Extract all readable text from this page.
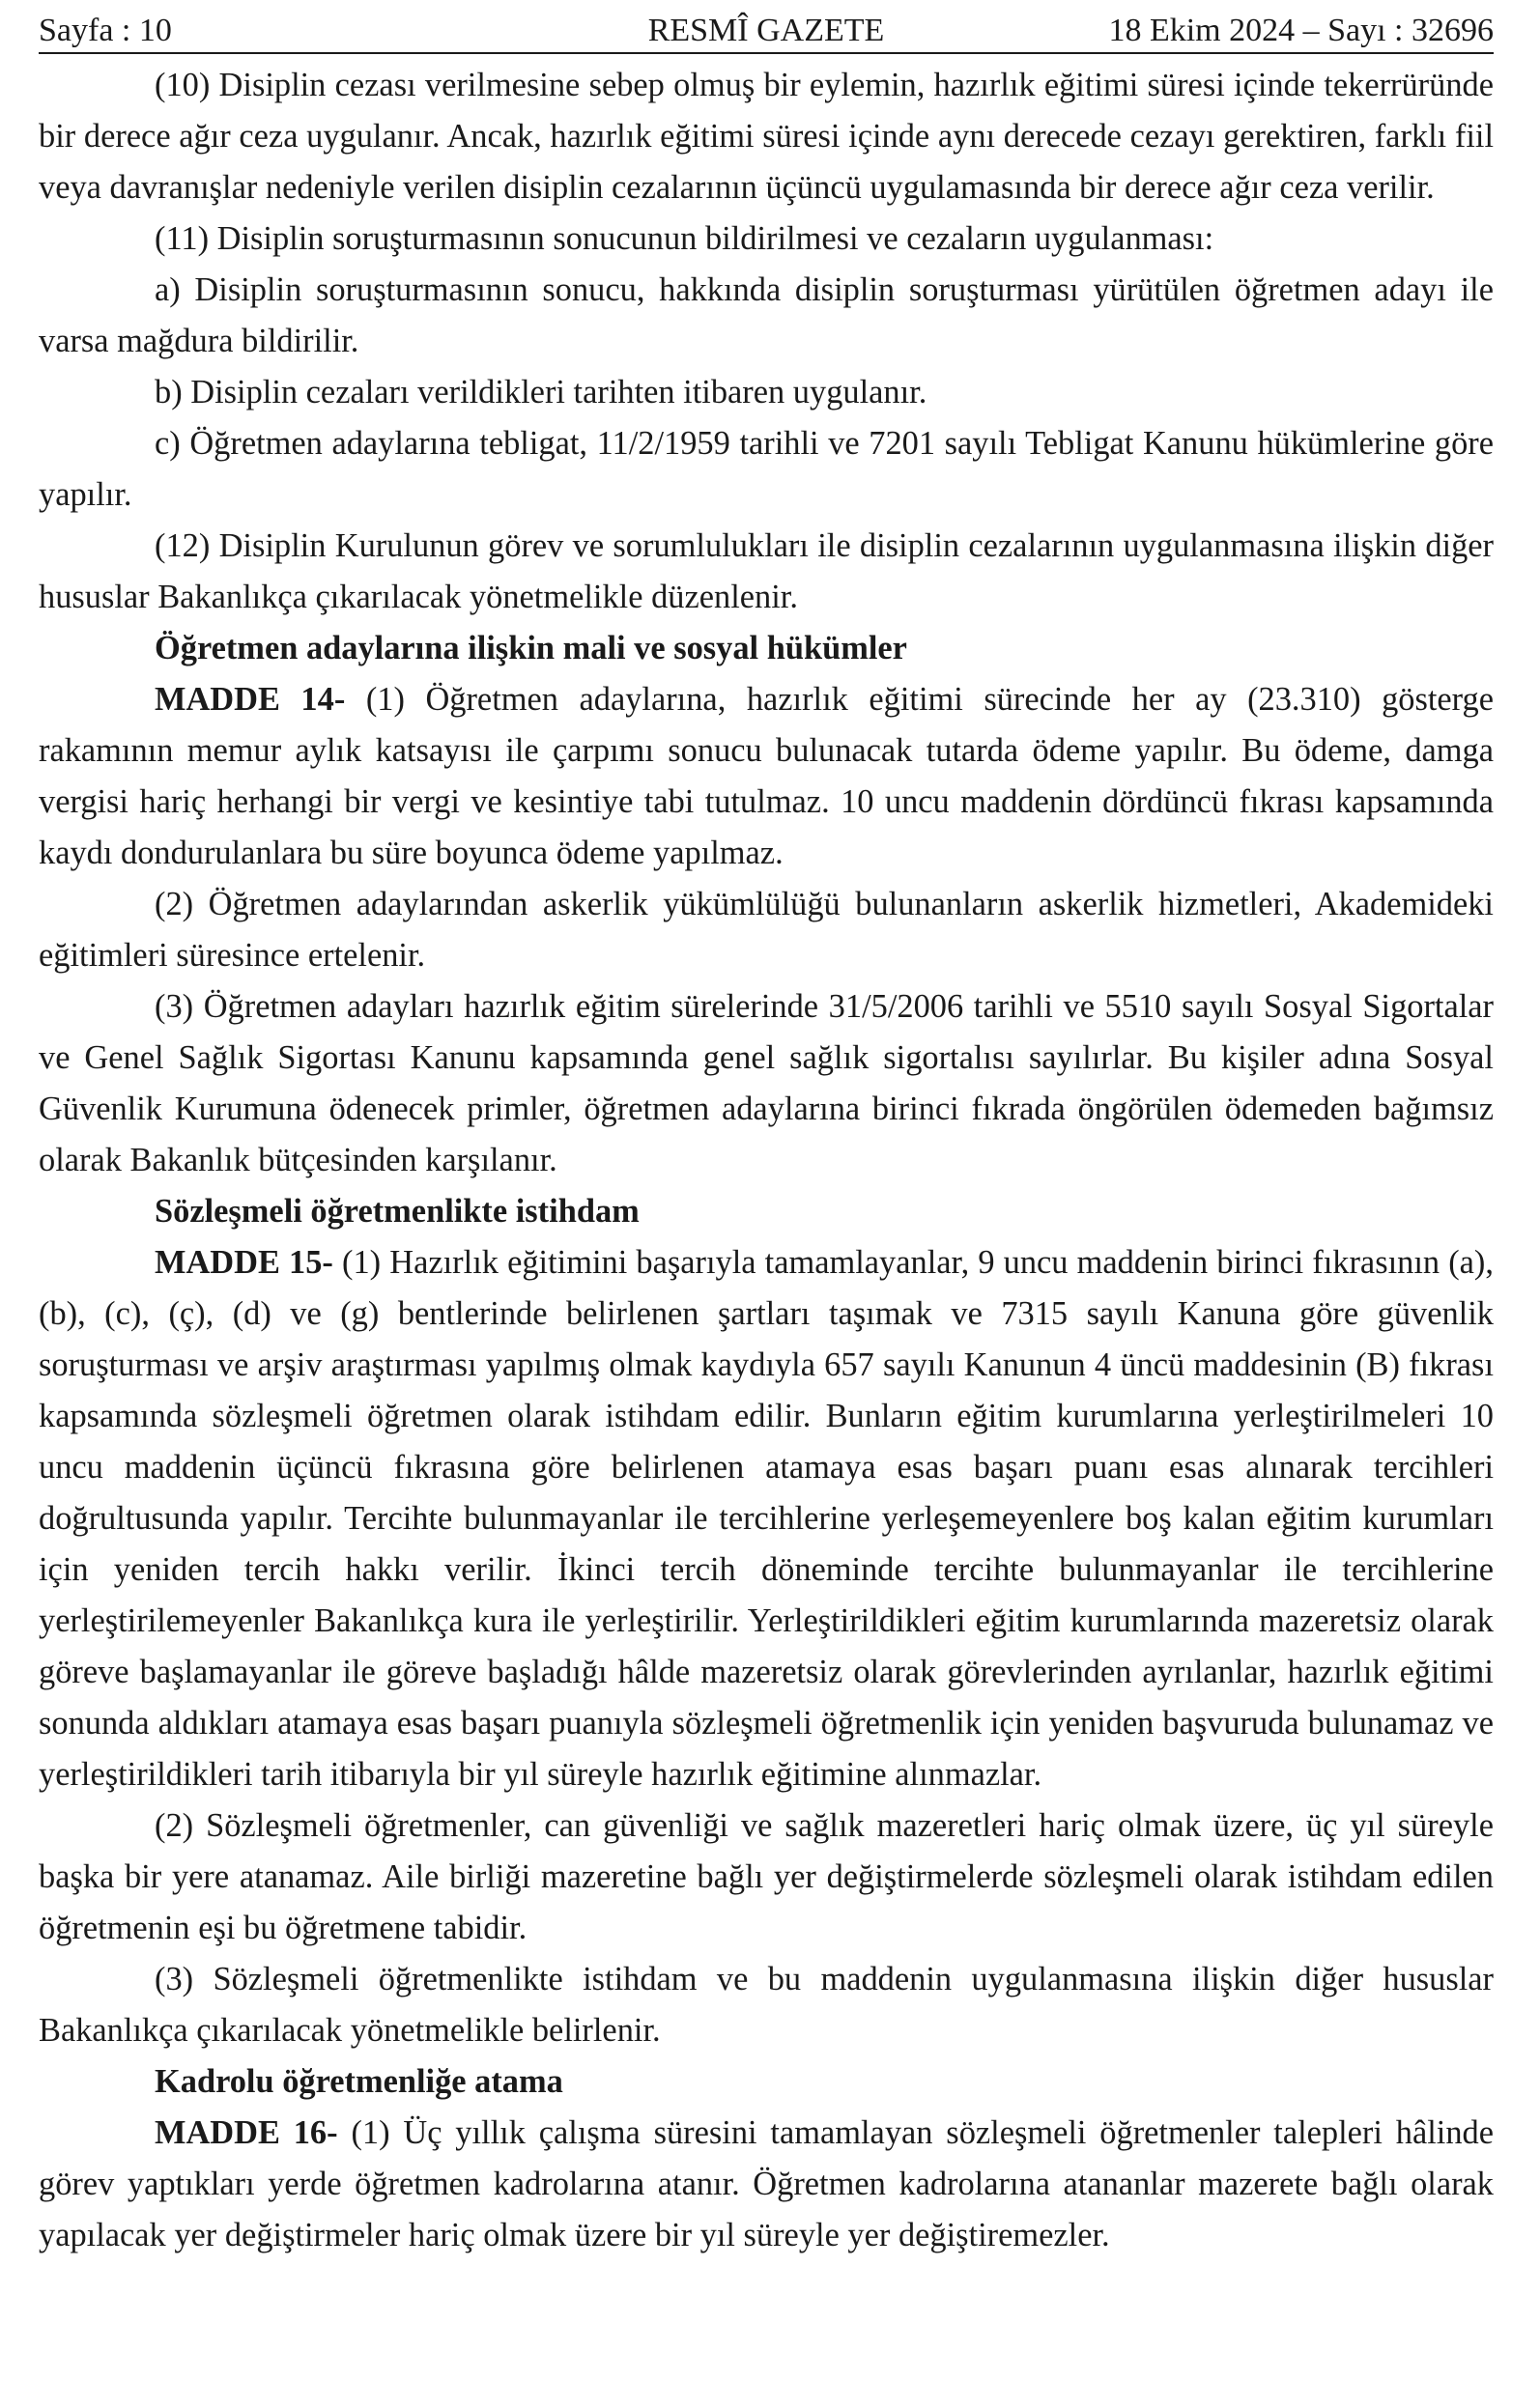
Sayfa : 10	RESMÎ GAZETE	18 Ekim 2024 – Sayı : 32696

(10) Disiplin cezası verilmesine sebep olmuş bir eylemin, hazırlık eğitimi süresi içinde tekerrüründe bir derece ağır ceza uygulanır. Ancak, hazırlık eğitimi süresi içinde aynı derecede cezayı gerektiren, farklı fiil veya davranışlar nedeniyle verilen disiplin cezalarının üçüncü uygulamasında bir derece ağır ceza verilir.

(11) Disiplin soruşturmasının sonucunun bildirilmesi ve cezaların uygulanması:

a) Disiplin soruşturmasının sonucu, hakkında disiplin soruşturması yürütülen öğretmen adayı ile varsa mağdura bildirilir.

b) Disiplin cezaları verildikleri tarihten itibaren uygulanır.

c) Öğretmen adaylarına tebligat, 11/2/1959 tarihli ve 7201 sayılı Tebligat Kanunu hükümlerine göre yapılır.

(12) Disiplin Kurulunun görev ve sorumlulukları ile disiplin cezalarının uygulanmasına ilişkin diğer hususlar Bakanlıkça çıkarılacak yönetmelikle düzenlenir.

Öğretmen adaylarına ilişkin mali ve sosyal hükümler

MADDE 14- (1) Öğretmen adaylarına, hazırlık eğitimi sürecinde her ay (23.310) gösterge rakamının memur aylık katsayısı ile çarpımı sonucu bulunacak tutarda ödeme yapılır. Bu ödeme, damga vergisi hariç herhangi bir vergi ve kesintiye tabi tutulmaz. 10 uncu maddenin dördüncü fıkrası kapsamında kaydı dondurulanlara bu süre boyunca ödeme yapılmaz.

(2) Öğretmen adaylarından askerlik yükümlülüğü bulunanların askerlik hizmetleri, Akademideki eğitimleri süresince ertelenir.

(3) Öğretmen adayları hazırlık eğitim sürelerinde 31/5/2006 tarihli ve 5510 sayılı Sosyal Sigortalar ve Genel Sağlık Sigortası Kanunu kapsamında genel sağlık sigortalısı sayılırlar. Bu kişiler adına Sosyal Güvenlik Kurumuna ödenecek primler, öğretmen adaylarına birinci fıkrada öngörülen ödemeden bağımsız olarak Bakanlık bütçesinden karşılanır.

Sözleşmeli öğretmenlikte istihdam

MADDE 15- (1) Hazırlık eğitimini başarıyla tamamlayanlar, 9 uncu maddenin birinci fıkrasının (a), (b), (c), (ç), (d) ve (g) bentlerinde belirlenen şartları taşımak ve 7315 sayılı Kanuna göre güvenlik soruşturması ve arşiv araştırması yapılmış olmak kaydıyla 657 sayılı Kanunun 4 üncü maddesinin (B) fıkrası kapsamında sözleşmeli öğretmen olarak istihdam edilir. Bunların eğitim kurumlarına yerleştirilmeleri 10 uncu maddenin üçüncü fıkrasına göre belirlenen atamaya esas başarı puanı esas alınarak tercihleri doğrultusunda yapılır. Tercihte bulunmayanlar ile tercihlerine yerleşemeyenlere boş kalan eğitim kurumları için yeniden tercih hakkı verilir. İkinci tercih döneminde tercihte bulunmayanlar ile tercihlerine yerleştirilemeyenler Bakanlıkça kura ile yerleştirilir. Yerleştirildikleri eğitim kurumlarında mazeretsiz olarak göreve başlamayanlar ile göreve başladığı hâlde mazeretsiz olarak görevlerinden ayrılanlar, hazırlık eğitimi sonunda aldıkları atamaya esas başarı puanıyla sözleşmeli öğretmenlik için yeniden başvuruda bulunamaz ve yerleştirildikleri tarih itibarıyla bir yıl süreyle hazırlık eğitimine alınmazlar.

(2) Sözleşmeli öğretmenler, can güvenliği ve sağlık mazeretleri hariç olmak üzere, üç yıl süreyle başka bir yere atanamaz. Aile birliği mazeretine bağlı yer değiştirmelerde sözleşmeli olarak istihdam edilen öğretmenin eşi bu öğretmene tabidir.

(3) Sözleşmeli öğretmenlikte istihdam ve bu maddenin uygulanmasına ilişkin diğer hususlar Bakanlıkça çıkarılacak yönetmelikle belirlenir.

Kadrolu öğretmenliğe atama

MADDE 16- (1) Üç yıllık çalışma süresini tamamlayan sözleşmeli öğretmenler talepleri hâlinde görev yaptıkları yerde öğretmen kadrolarına atanır. Öğretmen kadrolarına atananlar mazerete bağlı olarak yapılacak yer değiştirmeler hariç olmak üzere bir yıl süreyle yer değiştiremezler.
